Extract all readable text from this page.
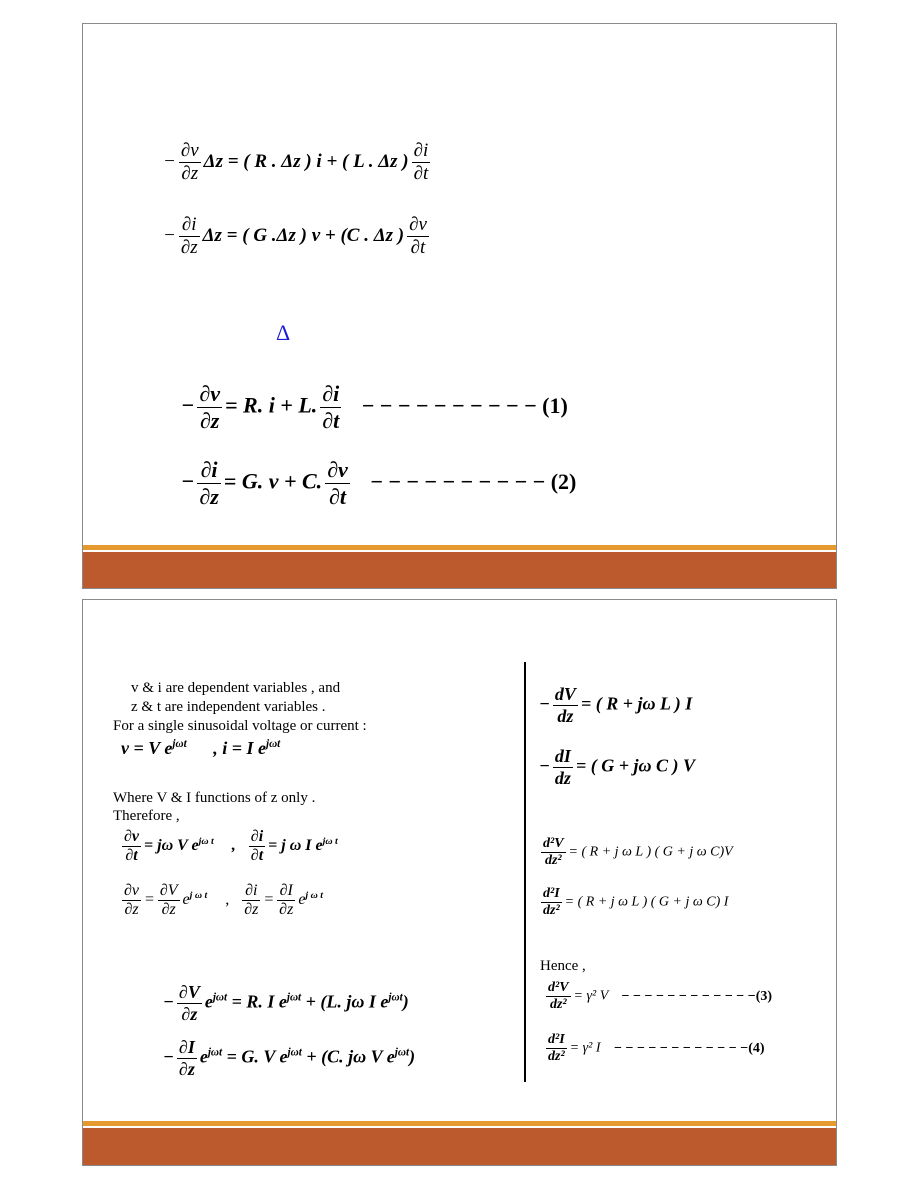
− $\frac{\partial v}{\partial z}$ Δz = ( R . Δz ) i + ( L . Δz ) $\frac{\partial i}{\partial t}$
− $\frac{\partial i}{\partial z}$ Δz = ( G .Δz ) v + (C . Δz ) $\frac{\partial v}{\partial t}$
Δ
− $\frac{\partial v}{\partial z} = R$. i + L. $\frac{\partial i}{\partial t}$ − − − − − − − − − − (1)
− $\frac{\partial i}{\partial z} = G$. v + C. $\frac{\partial v}{\partial t}$ − − − − − − − − − − (2)
v & i are dependent variables , and
z & t are independent variables .
For a single sinusoidal voltage or current :
v = V $e^{j\omega t}$ , i = I $e^{j\omega t}$
Where V & I functions of z only .
Therefore ,
$\frac{\partial v}{\partial t} = j\omega$ V $e^{j\omega t}$ , $\frac{\partial i}{\partial t} = j$ ω I $e^{j\omega t}$
$\frac{\partial v}{\partial z} = \frac{\partial V}{\partial z} e^{j \omega t}$ , $\frac{\partial i}{\partial z} = \frac{\partial I}{\partial z} e^{j \omega t}$
− $\frac{\partial V}{\partial z} e^{j\omega t} = R$. I $e^{j\omega t} + (L$. jω I $e^{j\omega t}$)
− $\frac{\partial I}{\partial z} e^{j\omega t} = G$. V $e^{j\omega t} + (C$. jω V $e^{j\omega t}$)
− $\frac{dV}{dz}$ = ( R + jω L ) I
− $\frac{dI}{dz}$ = ( G + jω C ) V
$\frac{\text{d²V}}{\text{dz²}}$ = ( R + j ω L ) ( G + j ω C)V
$\frac{\text{d²I}}{\text{dz²}}$ = ( R + j ω L ) ( G + j ω C) I
Hence ,
$\frac{\text{d²V}}{\text{dz²}} = \gamma^2$ V − − − − − − − − − − − −(3)
$\frac{\text{d²I}}{\text{dz²}} = \gamma^2$ I − − − − − − − − − − − −(4)
